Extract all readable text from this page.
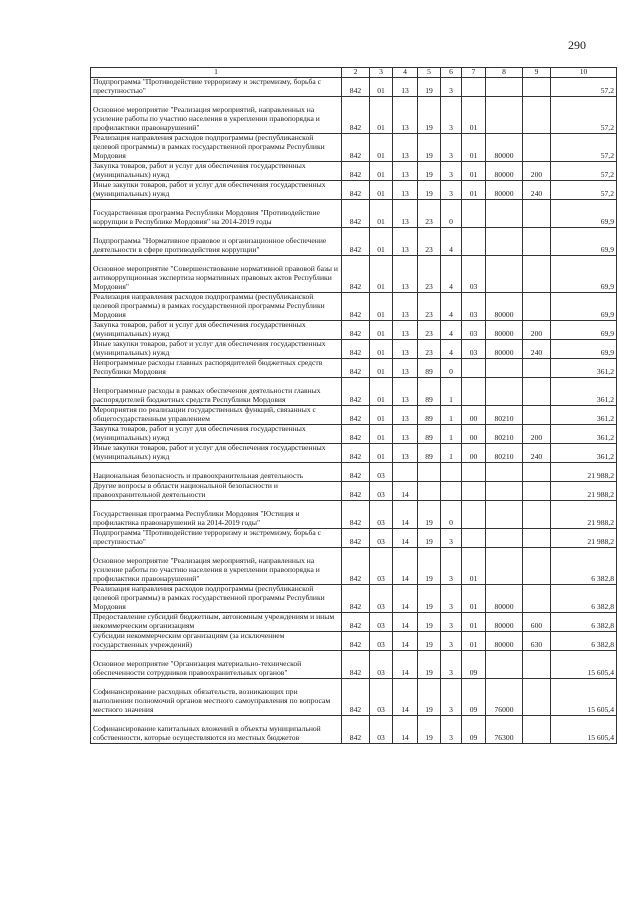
290
1	2	3	4	5	6	7	8	9	10
Подпрограмма "Противодействие терроризму и экстремизму, борьба с преступностью"	842	01	13	19	3				57,2
Основное мероприятие "Реализация мероприятий, направленных на усиление работы по участию населения в укреплении правопорядка и профилактики правонарушений"	842	01	13	19	3	01			57,2
Реализация направления расходов подпрограммы (республиканской целевой программы) в рамках государственной программы Республики Мордовия	842	01	13	19	3	01	80000		57,2
Закупка товаров, работ и услуг для обеспечения государственных (муниципальных) нужд	842	01	13	19	3	01	80000	200	57,2
Иные закупки товаров, работ и услуг для обеспечения государственных (муниципальных) нужд	842	01	13	19	3	01	80000	240	57,2
Государственная программа Республики Мордовия "Противодействие коррупции в Республике Мордовия" на 2014-2019 годы	842	01	13	23	0				69,9
Подпрограмма "Нормативное правовое и организационное обеспечение деятельности в сфере противодействия коррупции"	842	01	13	23	4				69,9
Основное мероприятие "Совершенствование нормативной правовой базы и антикоррупционная экспертиза нормативных правовых актов Республики Мордовия"	842	01	13	23	4	03			69,9
Реализация направления расходов подпрограммы (республиканской целевой программы) в рамках государственной программы Республики Мордовия	842	01	13	23	4	03	80000		69,9
Закупка товаров, работ и услуг для обеспечения государственных (муниципальных) нужд	842	01	13	23	4	03	80000	200	69,9
Иные закупки товаров, работ и услуг для обеспечения государственных (муниципальных) нужд	842	01	13	23	4	03	80000	240	69,9
Непрограммные расходы главных распорядителей бюджетных средств Республики Мордовия	842	01	13	89	0				361,2
Непрограммные расходы в рамках обеспечения деятельности главных распорядителей бюджетных средств Республики Мордовия	842	01	13	89	1				361,2
Мероприятия по реализации государственных функций, связанных с общегосударственным управлением	842	01	13	89	1	00	80210		361,2
Закупка товаров, работ и услуг для обеспечения государственных (муниципальных) нужд	842	01	13	89	1	00	80210	200	361,2
Иные закупки товаров, работ и услуг для обеспечения государственных (муниципальных) нужд	842	01	13	89	1	00	80210	240	361,2
Национальная безопасность и правоохранительная деятельность	842	03							21 988,2
Другие вопросы в области национальной безопасности и правоохранительной деятельности	842	03	14						21 988,2
Государственная программа Республики Мордовия "Юстиция и профилактика правонарушений на 2014-2019 годы"	842	03	14	19	0				21 988,2
Подпрограмма "Противодействие терроризму и экстремизму, борьба с преступностью"	842	03	14	19	3				21 988,2
Основное мероприятие "Реализация мероприятий, направленных на усиление работы по участию населения в укреплении правопорядка и профилактики правонарушений"	842	03	14	19	3	01			6 382,8
Реализация направления расходов подпрограммы (республиканской целевой программы) в рамках государственной программы Республики Мордовия	842	03	14	19	3	01	80000		6 382,8
Предоставление субсидий бюджетным, автономным учреждениям и иным некоммерческим организациям	842	03	14	19	3	01	80000	600	6 382,8
Субсидии некоммерческим организациям (за исключением государственных учреждений)	842	03	14	19	3	01	80000	630	6 382,8
Основное мероприятие "Организация материально-технической обеспеченности сотрудников правоохранительных органов"	842	03	14	19	3	09			15 605,4
Софинансирование расходных обязательств, возникающих при выполнении полномочий органов местного самоуправления по вопросам местного значения	842	03	14	19	3	09	76000		15 605,4
Софинансирование капитальных вложений в объекты муниципальной собственности, которые осуществляются из местных бюджетов	842	03	14	19	3	09	76300		15 605,4
